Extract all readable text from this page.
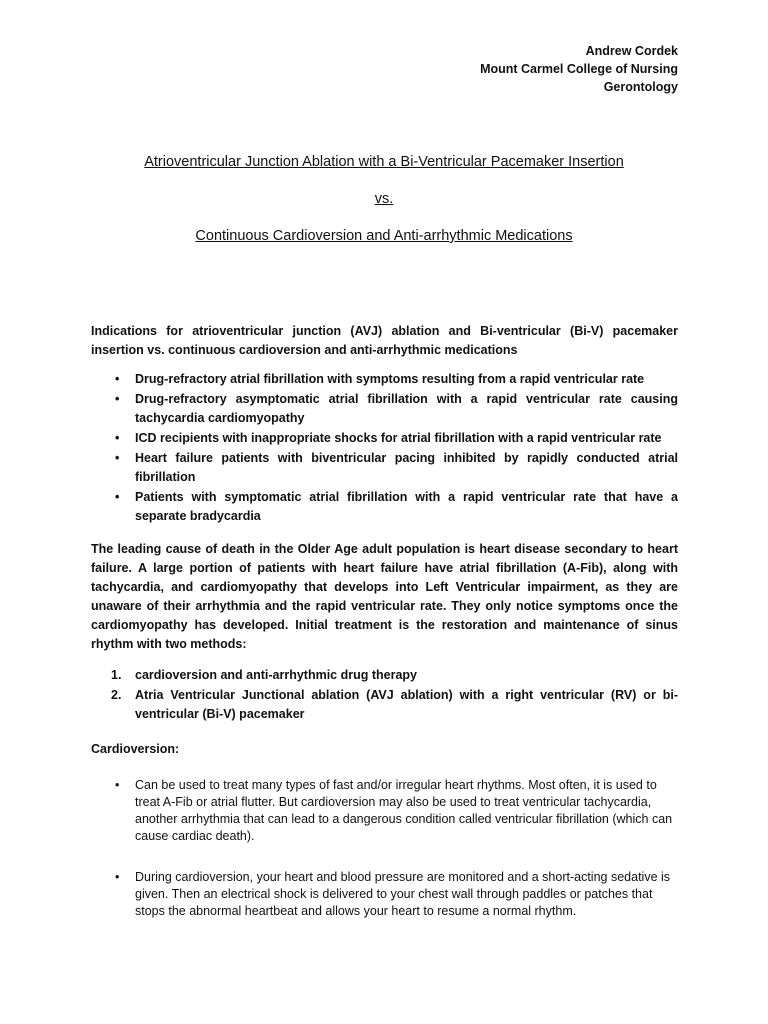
Andrew Cordek
Mount Carmel College of Nursing
Gerontology

Atrioventricular Junction Ablation with a Bi-Ventricular Pacemaker Insertion

vs.

Continuous Cardioversion and Anti-arrhythmic Medications

Indications for atrioventricular junction (AVJ) ablation and Bi-ventricular (Bi-V) pacemaker insertion vs. continuous cardioversion and anti-arrhythmic medications

• Drug-refractory atrial fibrillation with symptoms resulting from a rapid ventricular rate
• Drug-refractory asymptomatic atrial fibrillation with a rapid ventricular rate causing tachycardia cardiomyopathy
• ICD recipients with inappropriate shocks for atrial fibrillation with a rapid ventricular rate
• Heart failure patients with biventricular pacing inhibited by rapidly conducted atrial fibrillation
• Patients with symptomatic atrial fibrillation with a rapid ventricular rate that have a separate bradycardia

The leading cause of death in the Older Age adult population is heart disease secondary to heart failure. A large portion of patients with heart failure have atrial fibrillation (A-Fib), along with tachycardia, and cardiomyopathy that develops into Left Ventricular impairment, as they are unaware of their arrhythmia and the rapid ventricular rate. They only notice symptoms once the cardiomyopathy has developed. Initial treatment is the restoration and maintenance of sinus rhythm with two methods:

1. cardioversion and anti-arrhythmic drug therapy
2. Atria Ventricular Junctional ablation (AVJ ablation) with a right ventricular (RV) or bi-ventricular (Bi-V) pacemaker

Cardioversion:

• Can be used to treat many types of fast and/or irregular heart rhythms. Most often, it is used to treat A-Fib or atrial flutter. But cardioversion may also be used to treat ventricular tachycardia, another arrhythmia that can lead to a dangerous condition called ventricular fibrillation (which can cause cardiac death).
• During cardioversion, your heart and blood pressure are monitored and a short-acting sedative is given. Then an electrical shock is delivered to your chest wall through paddles or patches that stops the abnormal heartbeat and allows your heart to resume a normal rhythm.
